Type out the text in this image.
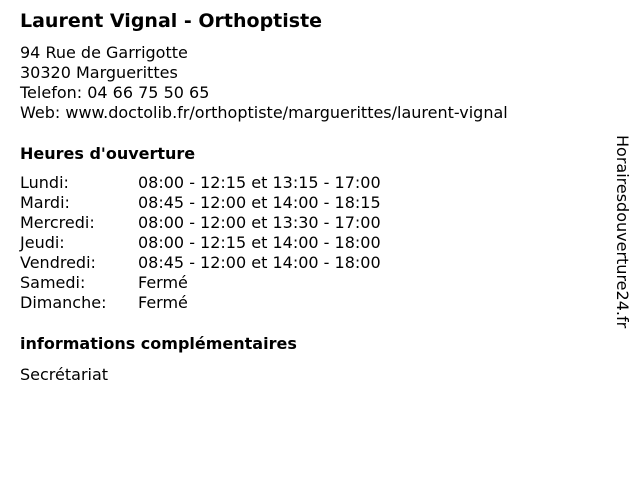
Laurent Vignal - Orthoptiste
94 Rue de Garrigotte
30320 Marguerittes
Telefon: 04 66 75 50 65
Web: www.doctolib.fr/orthoptiste/marguerittes/laurent-vignal
Heures d'ouverture
Lundi:	08:00 - 12:15 et 13:15 - 17:00
Mardi:	08:45 - 12:00 et 14:00 - 18:15
Mercredi:	08:00 - 12:00 et 13:30 - 17:00
Jeudi:	08:00 - 12:15 et 14:00 - 18:00
Vendredi:	08:45 - 12:00 et 14:00 - 18:00
Samedi:	Fermé
Dimanche: Fermé
informations complémentaires
Secrétariat
Horairesdouverture24.fr
